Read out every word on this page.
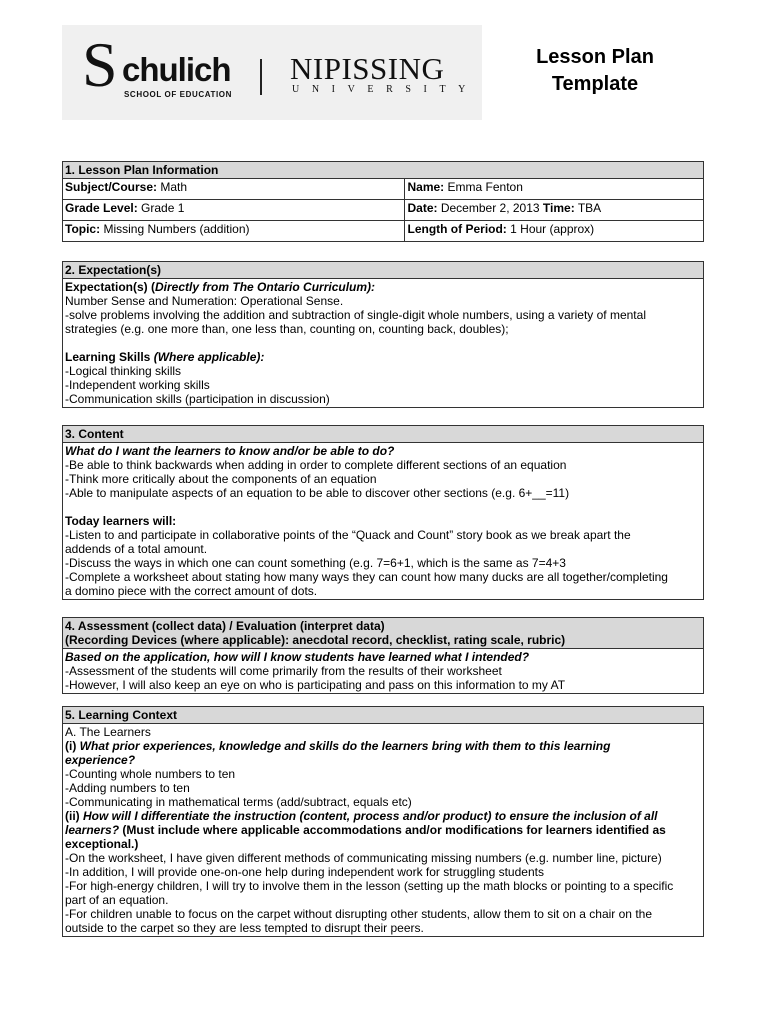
S chulich
SCHOOL OF EDUCATION
NIPISSING
UNIVERSITY
Lesson Plan
Template
1. Lesson Plan Information	
Subject/Course: Math	Name: Emma Fenton
Grade Level: Grade 1	Date: December 2, 2013 Time: TBA
Topic: Missing Numbers (addition)	Length of Period: 1 Hour (approx)
2. Expectation(s)

Expectation(s) (Directly from The Ontario Curriculum):
Number Sense and Numeration: Operational Sense.
-solve problems involving the addition and subtraction of single-digit whole numbers, using a variety of mental
strategies (e.g. one more than, one less than, counting on, counting back, doubles);
Learning Skills (Where applicable):
-Logical thinking skills
-Independent working skills
-Communication skills (participation in discussion)
3. Content

What do I want the learners to know and/or be able to do?
-Be able to think backwards when adding in order to complete different sections of an equation
-Think more critically about the components of an equation
-Able to manipulate aspects of an equation to be able to discover other sections (e.g. 6+__=11)
Today learners will:
-Listen to and participate in collaborative points of the “Quack and Count” story book as we break apart the
addends of a total amount.
-Discuss the ways in which one can count something (e.g. 7=6+1, which is the same as 7=4+3
-Complete a worksheet about stating how many ways they can count how many ducks are all together/completing
a domino piece with the correct amount of dots.
4. Assessment (collect data) / Evaluation (interpret data)
(Recording Devices (where applicable): anecdotal record, checklist, rating scale, rubric)

Based on the application, how will I know students have learned what I intended?
-Assessment of the students will come primarily from the results of their worksheet
-However, I will also keep an eye on who is participating and pass on this information to my AT
5. Learning Context

A. The Learners
(i) What prior experiences, knowledge and skills do the learners bring with them to this learning
experience?
-Counting whole numbers to ten
-Adding numbers to ten
-Communicating in mathematical terms (add/subtract, equals etc)
(ii) How will I differentiate the instruction (content, process and/or product) to ensure the inclusion of all
learners? (Must include where applicable accommodations and/or modifications for learners identified as
exceptional.)
-On the worksheet, I have given different methods of communicating missing numbers (e.g. number line, picture)
-In addition, I will provide one-on-one help during independent work for struggling students
-For high-energy children, I will try to involve them in the lesson (setting up the math blocks or pointing to a specific
part of an equation.
-For children unable to focus on the carpet without disrupting other students, allow them to sit on a chair on the
outside to the carpet so they are less tempted to disrupt their peers.
